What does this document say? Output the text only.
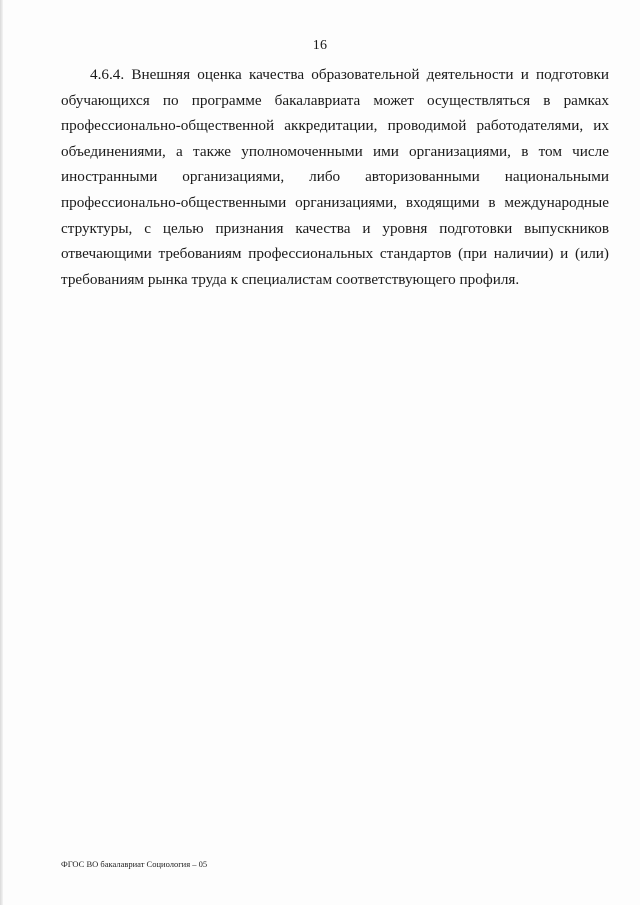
16
4.6.4. Внешняя оценка качества образовательной деятельности и подготовки
обучающихся по программе бакалавриата может осуществляться в рамках
профессионально-общественной аккредитации, проводимой работодателями, их
объединениями, а также уполномоченными ими организациями, в том числе
иностранными организациями, либо авторизованными национальными
профессионально-общественными организациями, входящими в международные
структуры, с целью признания качества и уровня подготовки выпускников
отвечающими требованиям профессиональных стандартов (при наличии) и (или)
требованиям рынка труда к специалистам соответствующего профиля.
ФГОС ВО бакалавриат Социология – 05
